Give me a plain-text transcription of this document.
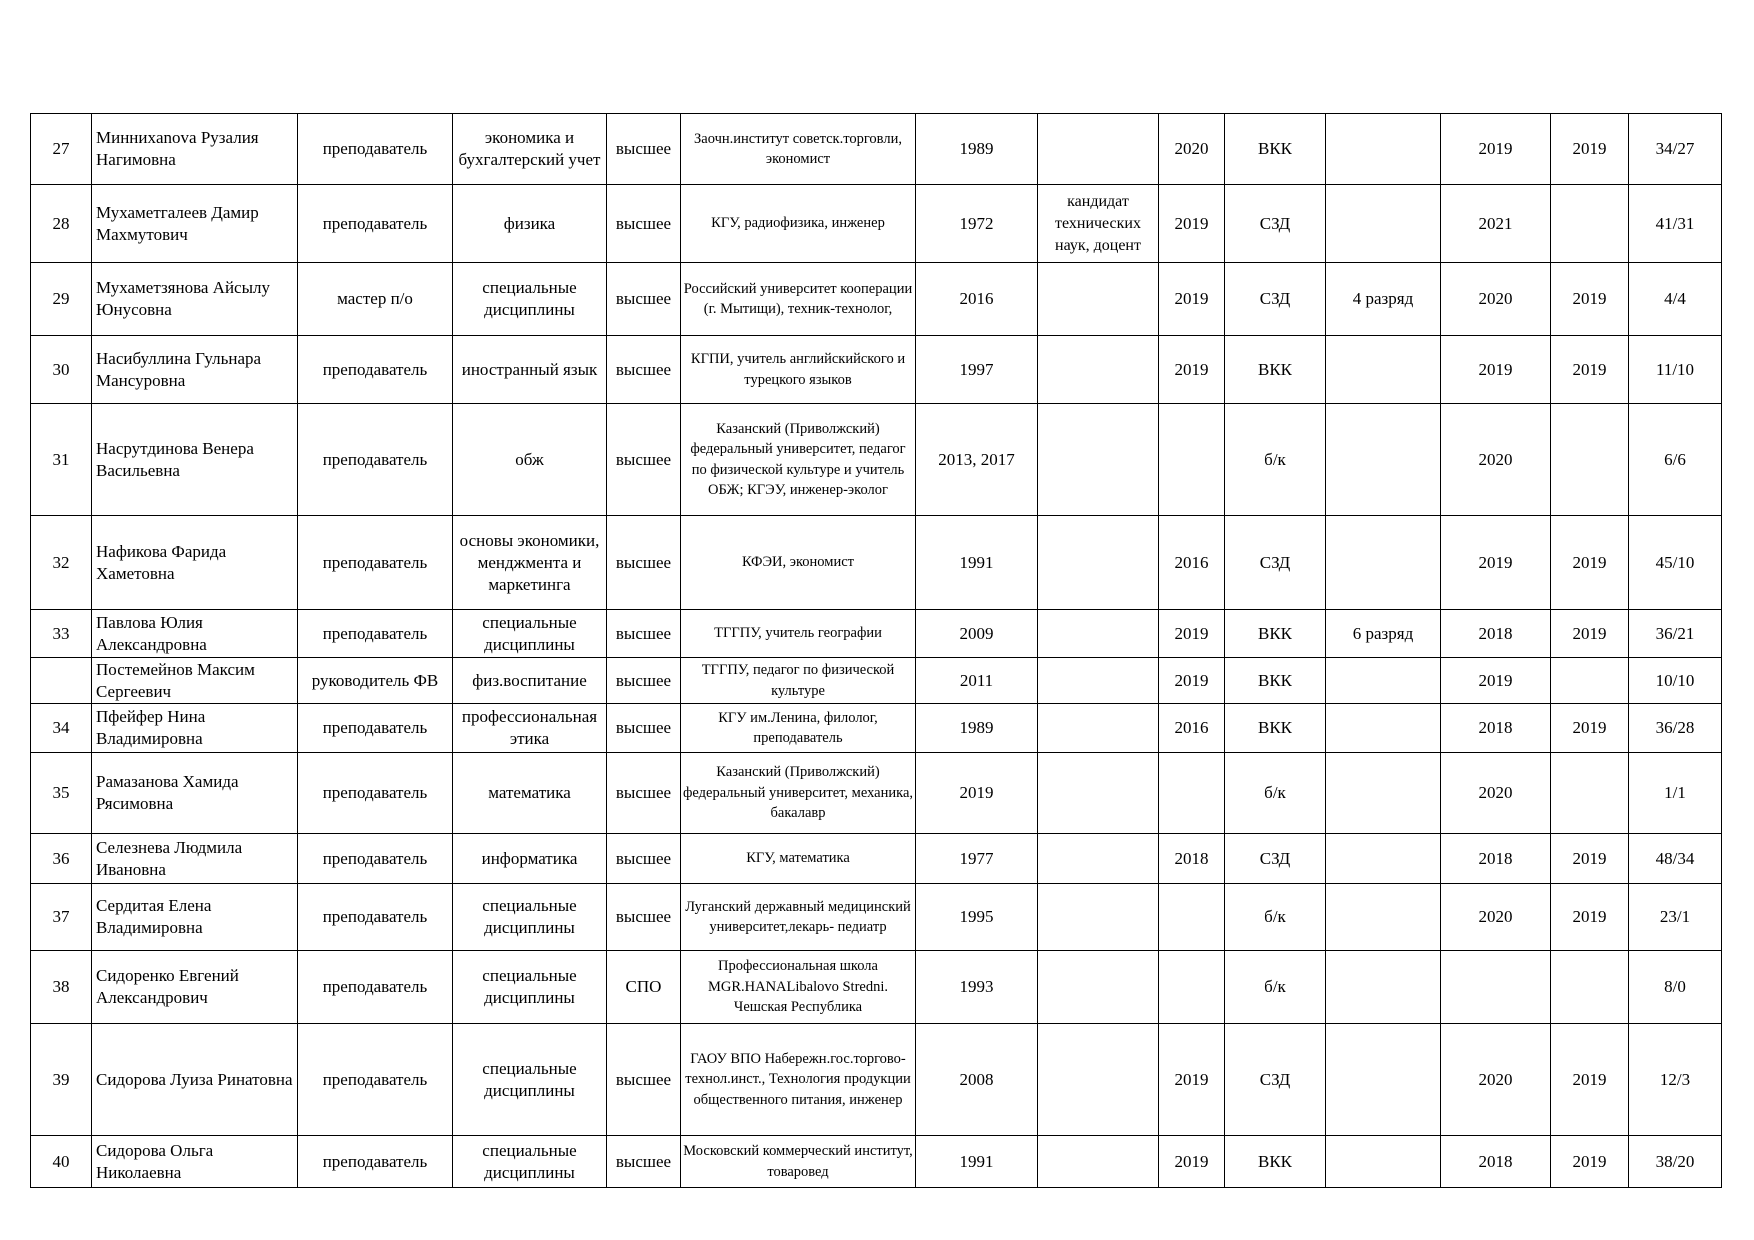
27	Миннихanova Рузалия Нагимовна	преподаватель	экономика и бухгалтерский учет	высшее	Заочн.институт советск.торговли, экономист	1989		2020	ВКК		2019	2019	34/27
28	Мухаметгалеев Дамир Махмутович	преподаватель	физика	высшее	КГУ, радиофизика, инженер	1972	кандидат технических наук, доцент	2019	СЗД		2021		41/31
29	Мухаметзянова Айсылу Юнусовна	мастер п/о	специальные дисциплины	высшее	Российский университет кооперации (г. Мытищи), техник-технолог,	2016		2019	СЗД	4 разряд	2020	2019	4/4
30	Насибуллина Гульнара Мансуровна	преподаватель	иностранный язык	высшее	КГПИ, учитель английскийского и турецкого языков	1997		2019	ВКК		2019	2019	11/10
31	Насрутдинова Венера Васильевна	преподаватель	обж	высшее	Казанский (Приволжский) федеральный университет, педагог по физической культуре и учитель ОБЖ; КГЭУ, инженер-эколог	2013, 2017			б/к		2020		6/6
32	Нафикова Фарида Хаметовна	преподаватель	основы экономики, менджмента и маркетинга	высшее	КФЭИ, экономист	1991		2016	СЗД		2019	2019	45/10
33	Павлова Юлия Александровна	преподаватель	специальные дисциплины	высшее	ТГГПУ, учитель географии	2009		2019	ВКК	6 разряд	2018	2019	36/21
	Постемейнов Максим Сергеевич	руководитель ФВ	физ.воспитание	высшее	ТГГПУ, педагог по физической культуре	2011		2019	ВКК		2019		10/10
34	Пфейфер Нина Владимировна	преподаватель	профессиональная этика	высшее	КГУ им.Ленина, филолог, преподаватель	1989		2016	ВКК		2018	2019	36/28
35	Рамазанова Хамида Рясимовна	преподаватель	математика	высшее	Казанский (Приволжский) федеральный университет, механика, бакалавр	2019			б/к		2020		1/1
36	Селезнева Людмила Ивановна	преподаватель	информатика	высшее	КГУ, математика	1977		2018	СЗД		2018	2019	48/34
37	Сердитая Елена Владимировна	преподаватель	специальные дисциплины	высшее	Луганский державный медицинский университет,лекарь- педиатр	1995			б/к		2020	2019	23/1
38	Сидоренко Евгений Александрович	преподаватель	специальные дисциплины	СПО	Профессиональная школа MGR.HANALibalovo Stredni. Чешская Республика	1993			б/к				8/0
39	Сидорова Луиза Ринатовна	преподаватель	специальные дисциплины	высшее	ГАОУ ВПО Набережн.гос.торгово-технол.инст., Технология продукции общественного питания, инженер	2008		2019	СЗД		2020	2019	12/3
40	Сидорова Ольга Николаевна	преподаватель	специальные дисциплины	высшее	Московский коммерческий институт, товаровед	1991		2019	ВКК		2018	2019	38/20
